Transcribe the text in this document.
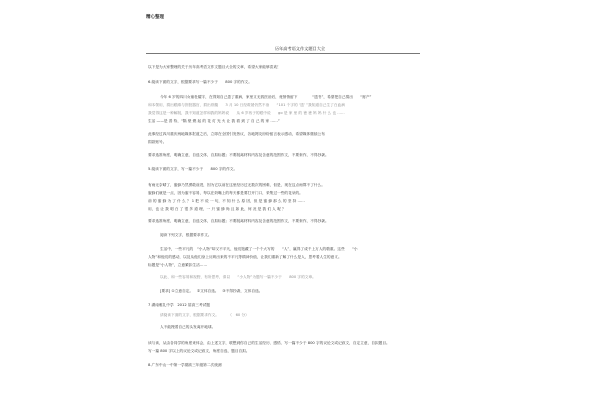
精心整理
历年高考语文作文题目大全
以下是为大家整理的关于历年高考语文作文题目大全的文章，希望大家能够喜欢！
6.阅读下面的文字，根据要求写一篇不少于　　800 字的作文。
今年 6 岁的四川女童杜耀宇，在得知自己患了重病，家里又无钱医治后，竟悄悄留下　　　　“遗书”，希望把自己捐出　　“财产”
和本领用，捐出眼睛与肝脏器官，捐出骨髓　　3 月 10 日经救援仍然不治　　“101 个字的 ‘遗’ ”我知道自己生了白血病
我觉得这是一种解脱，我不知道怎样和我的妈妈说　　从 6 岁孩子的眼中说　　go 是 家 里 的 爸 爸 妈 妈 什 么 也 ……
生活 ——是 善 待，“隔 壁 燃 起 的 花 灯 光 火 让 我 看 到 了 自 己 的 家 ……”
此事经过四川重庆两地媒体报道之后，立即在全国引发热议，各地网友纷纷留言表示感动，希望媒体继续公布
捐款账号。
要求选准角度，明确立意，自选文体，自拟标题；不要脱离材料内容及含意的范围作文，不要套作，不得抄袭。
5.阅读下面的文字，写一篇不少于　　800 字的作文。
有雨无奈晴了，蜜蜂乃然勇敢前进，因为它以前在这里经历过无数次的困难，但是，现在这点雨算不了什么。
蜜蜂们就是一点，因为蜜不容易，每以在奶嘴上的每天都是要打开门口，采集过一些的花朵的。
前 的 蜜 蜂 为 了 什 么 ？ 1 把 不 说 一 句，不 知 什 么 原 因，但 是 蜜 蜂 那 么 的 坚 持 ……
用，也 让 我 明 白 了 很 多 道 理，一 只 蜜 蜂 尚 且 如 此，何 况 是 我 们 人 呢 ？
要求选准角度，明确立意，自选文体，自拟标题；不要脱离材料内容及含意的范围作文，不要套作，不得抄袭。
阅读下列文字，根据要求作文。
生活中，一些平凡的　“小人物”却又不平凡，他们饱藏了一个个大写的　　“人”，赢得了成千上万人的敬重。这些　　“小
人物”和他们的感动，以及从他们身上反映出来的不平凡等精神价值，让我们重新了解了什么是人，思考着人生的意义。
标题是“小人物”，立意紧扣生活……
以此、和一些容易和视野，有所思考，请以　　“小人物”为题写一篇不少于　　800 字的文章。
[要求] ①立意自定。　②文体自选。　③不得抄袭，文体自选。
7 湖南雅礼中学　2012 届高三考试题
请阅读下面的文字，根据要求作文。　　　（　60 分）
人不能拽着自己的头发离开地球。
读与读，从由各同学的角度来体会，由上述文字，联想到你自己的生活经历、感悟、写一篇不少于 800 字的议论文或记叙文，自定立意，自拟题目。
写一篇 800 字以上的议论文或记叙文，角度自选，题目自拟。
8.广东中山一中第一学期高三年级第二次统测
